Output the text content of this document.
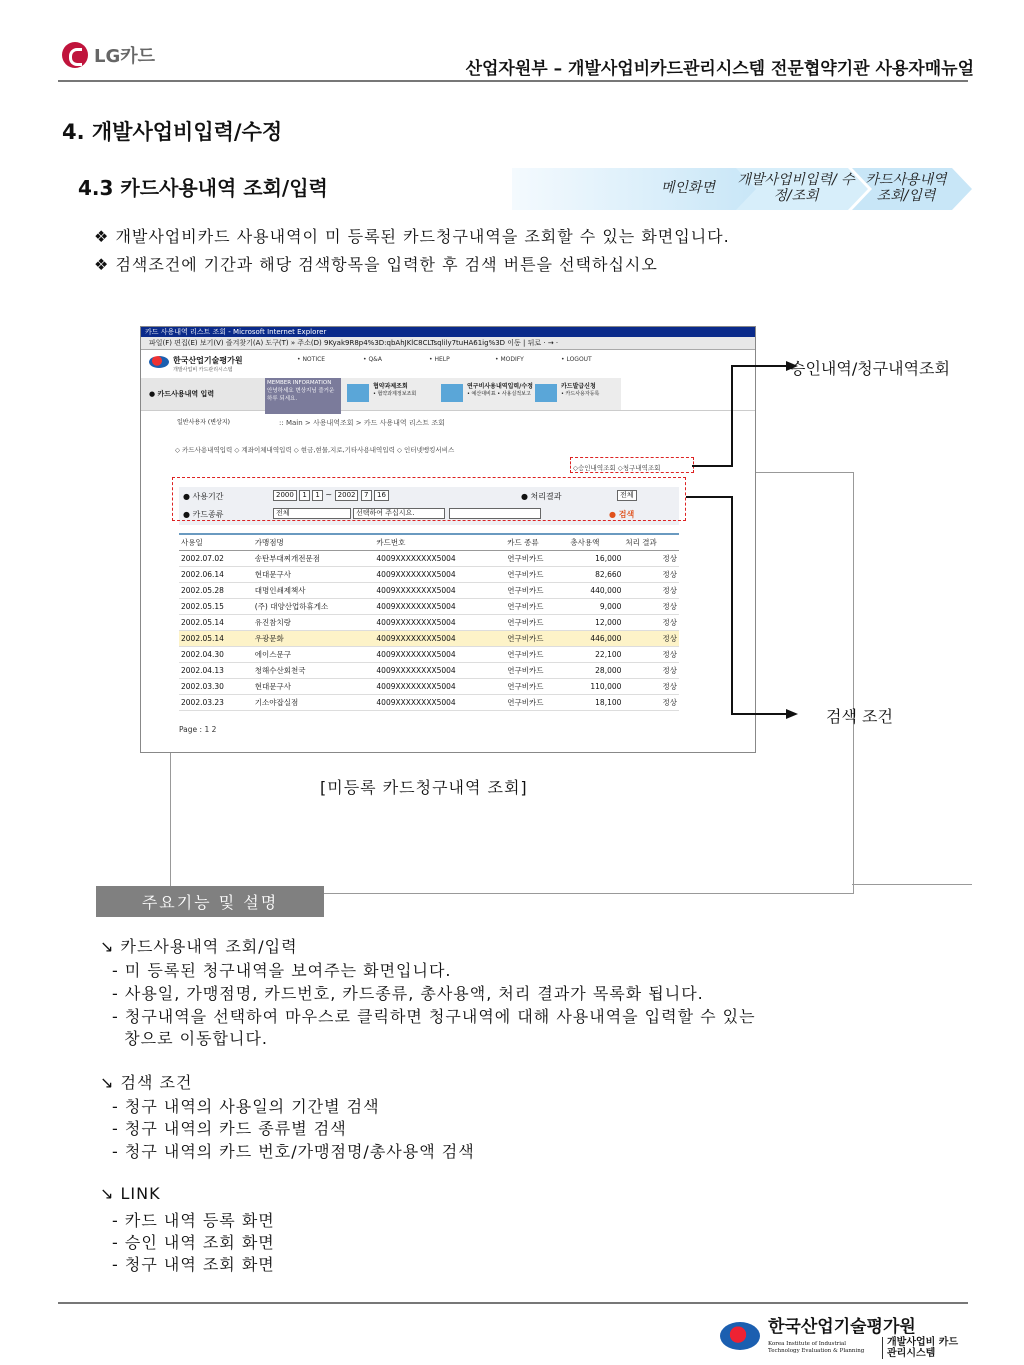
LG카드
산업자원부 – 개발사업비카드관리시스템 전문협약기관 사용자매뉴얼
4. 개발사업비입력/수정
4.3 카드사용내역 조회/입력	메인화면	개발사업비입력/ 수정/조회
카드사용내역 조회/입력
❖ 개발사업비카드 사용내역이 미 등록된 카드청구내역을 조회할 수 있는 화면입니다.
❖ 검색조건에 기간과 해당 검색항목을 입력한 후 검색 버튼을 선택하십시오
카드 사용내역 리스트 조회 - Microsoft Internet Explorer
파일(F) 편집(E) 보기(V) 즐겨찾기(A) 도구(T) » 주소(D) 9Kyak9R8p4%3D:qbAhJKlC8CLTsqlily7tuHA61ig%3D 이동 | 뒤로 · → ·
한국산업기술평가원
개발사업비 카드관리시스템
• NOTICE	• Q&A	• HELP	• MODIFY	• LOGOUT
● 카드사용내역 입력
MEMBER INFORMATION
안녕하세요 변상지님 즐거운하루 되세요.
협약과제조회
• 협약과제정보조회
연구비사용내역입력/수정
• 예산대비표 • 사용실적보고
카드발급신청
• 카드사용자등록
일반사용자 (변상지)	:: Main > 사용내역조회 > 카드 사용내역 리스트 조회
◇ 카드사용내역입력 ◇ 계좌이체내역입력 ◇ 현금,현물,지로,기타사용내역입력 ◇ 인터넷뱅킹서비스
◇승인내역조회 ◇청구내역조회
● 사용기간	2000 1 1 ~ 2002 7 16	● 처리결과	전체
● 카드종류	전체	선택하여 주십시요.	● 검색
사용일	가맹점명	카드번호	카드 종류	총사용액	처리 결과
2002.07.02	송탄부대찌개전문점	4009XXXXXXXX5004	연구비카드	16,000	정상
2002.06.14	현대문구사	4009XXXXXXXX5004	연구비카드	82,660	정상
2002.05.28	대명인쇄제책사	4009XXXXXXXX5004	연구비카드	440,000	정상
2002.05.15	(주) 대양산업하휴게소	4009XXXXXXXX5004	연구비카드	9,000	정상
2002.05.14	유진참치랑	4009XXXXXXXX5004	연구비카드	12,000	정상
2002.05.14	우광문화	4009XXXXXXXX5004	연구비카드	446,000	정상
2002.04.30	에이스문구	4009XXXXXXXX5004	연구비카드	22,100	정상
2002.04.13	청해수산회천국	4009XXXXXXXX5004	연구비카드	28,000	정상
2002.03.30	현대문구사	4009XXXXXXXX5004	연구비카드	110,000	정상
2002.03.23	기소야잡실점	4009XXXXXXXX5004	연구비카드	18,100	정상
Page : 1 2
승인내역/청구내역조회
검색 조건
[미등록 카드청구내역 조회]
주요기능 및 설명
↘ 카드사용내역 조회/입력
- 미 등록된 청구내역을 보여주는 화면입니다.
- 사용일, 가맹점명, 카드번호, 카드종류, 총사용액, 처리 결과가 목록화 됩니다.
- 청구내역을 선택하여 마우스로 클릭하면 청구내역에 대해 사용내역을 입력할 수 있는
창으로 이동합니다.
↘ 검색 조건
- 청구 내역의 사용일의 기간별 검색
- 청구 내역의 카드 종류별 검색
- 청구 내역의 카드 번호/가맹점명/총사용액 검색
↘ LINK
- 카드 내역 등록 화면
- 승인 내역 조회 화면
- 청구 내역 조회 화면
한국산업기술평가원
Korea Institute of Industrial Technology Evaluation & Planning
개발사업비 카드관리시스템
